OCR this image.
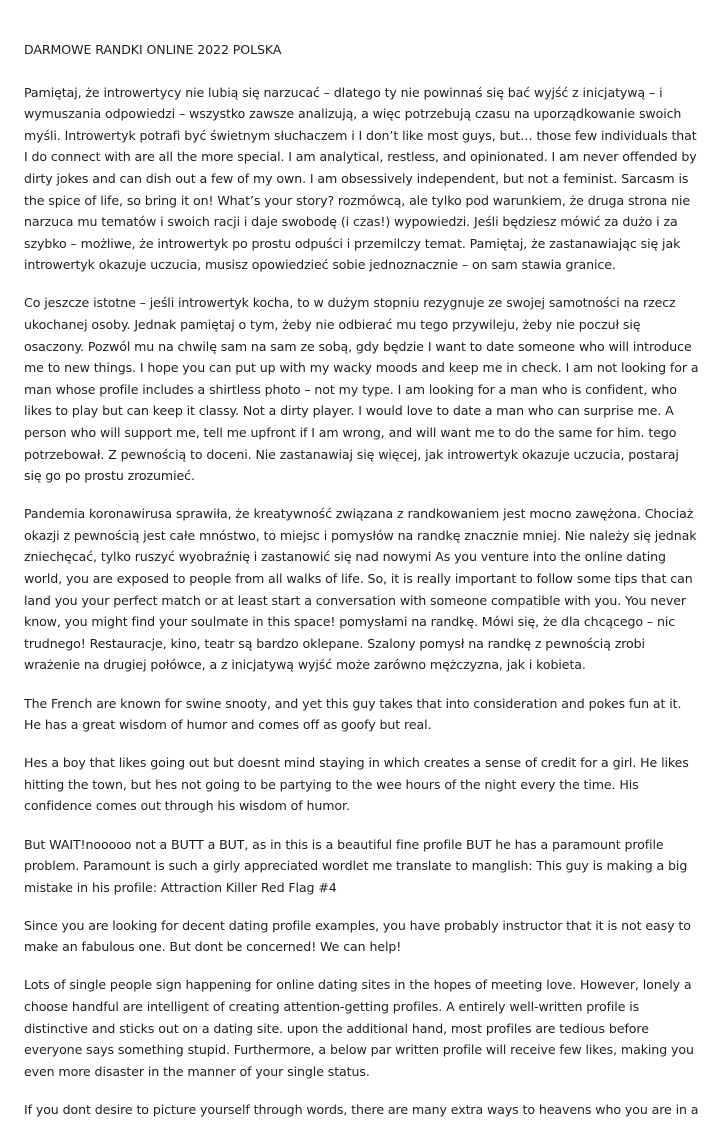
DARMOWE RANDKI ONLINE 2022 POLSKA

Pamiętaj, że introwertycy nie lubią się narzucać – dlatego ty nie powinnaś się bać wyjść z inicjatywą – i wymuszania odpowiedzi – wszystko zawsze analizują, a więc potrzebują czasu na uporządkowanie swoich myśli. Introwertyk potrafi być świetnym słuchaczem i I don’t like most guys, but… those few individuals that I do connect with are all the more special. I am analytical, restless, and opinionated. I am never offended by dirty jokes and can dish out a few of my own. I am obsessively independent, but not a feminist. Sarcasm is the spice of life, so bring it on! What’s your story? rozmówcą, ale tylko pod warunkiem, że druga strona nie narzuca mu tematów i swoich racji i daje swobodę (i czas!) wypowiedzi. Jeśli będziesz mówić za dużo i za szybko – możliwe, że introwertyk po prostu odpuści i przemilczy temat. Pamiętaj, że zastanawiając się jak introwertyk okazuje uczucia, musisz opowiedzieć sobie jednoznacznie – on sam stawia granice.

Co jeszcze istotne – jeśli introwertyk kocha, to w dużym stopniu rezygnuje ze swojej samotności na rzecz ukochanej osoby. Jednak pamiętaj o tym, żeby nie odbierać mu tego przywileju, żeby nie poczuł się osaczony. Pozwól mu na chwilę sam na sam ze sobą, gdy będzie I want to date someone who will introduce me to new things. I hope you can put up with my wacky moods and keep me in check. I am not looking for a man whose profile includes a shirtless photo – not my type. I am looking for a man who is confident, who likes to play but can keep it classy. Not a dirty player. I would love to date a man who can surprise me. A person who will support me, tell me upfront if I am wrong, and will want me to do the same for him. tego potrzebował. Z pewnością to doceni. Nie zastanawiaj się więcej, jak introwertyk okazuje uczucia, postaraj się go po prostu zrozumieć.

Pandemia koronawirusa sprawiła, że kreatywność związana z randkowaniem jest mocno zawężona. Chociaż okazji z pewnością jest całe mnóstwo, to miejsc i pomysłów na randkę znacznie mniej. Nie należy się jednak zniechęcać, tylko ruszyć wyobraźnię i zastanowić się nad nowymi As you venture into the online dating world, you are exposed to people from all walks of life. So, it is really important to follow some tips that can land you your perfect match or at least start a conversation with someone compatible with you. You never know, you might find your soulmate in this space! pomysłami na randkę. Mówi się, że dla chcącego – nic trudnego! Restauracje, kino, teatr są bardzo oklepane. Szalony pomysł na randkę z pewnością zrobi wrażenie na drugiej połówce, a z inicjatywą wyjść może zarówno mężczyzna, jak i kobieta.

The French are known for swine snooty, and yet this guy takes that into consideration and pokes fun at it. He has a great wisdom of humor and comes off as goofy but real.

Hes a boy that likes going out but doesnt mind staying in which creates a sense of credit for a girl. He likes hitting the town, but hes not going to be partying to the wee hours of the night every the time. His confidence comes out through his wisdom of humor.

But WAIT!nooooo not a BUTT a BUT, as in this is a beautiful fine profile BUT he has a paramount profile problem. Paramount is such a girly appreciated wordlet me translate to manglish: This guy is making a big mistake in his profile: Attraction Killer Red Flag #4

Since you are looking for decent dating profile examples, you have probably instructor that it is not easy to make an fabulous one. But dont be concerned! We can help!

Lots of single people sign happening for online dating sites in the hopes of meeting love. However, lonely a choose handful are intelligent of creating attention-getting profiles. A entirely well-written profile is distinctive and sticks out on a dating site. upon the additional hand, most profiles are tedious before everyone says something stupid. Furthermore, a below par written profile will receive few likes, making you even more disaster in the manner of your single status.

If you dont desire to picture yourself through words, there are many extra ways to heavens who you are in a
